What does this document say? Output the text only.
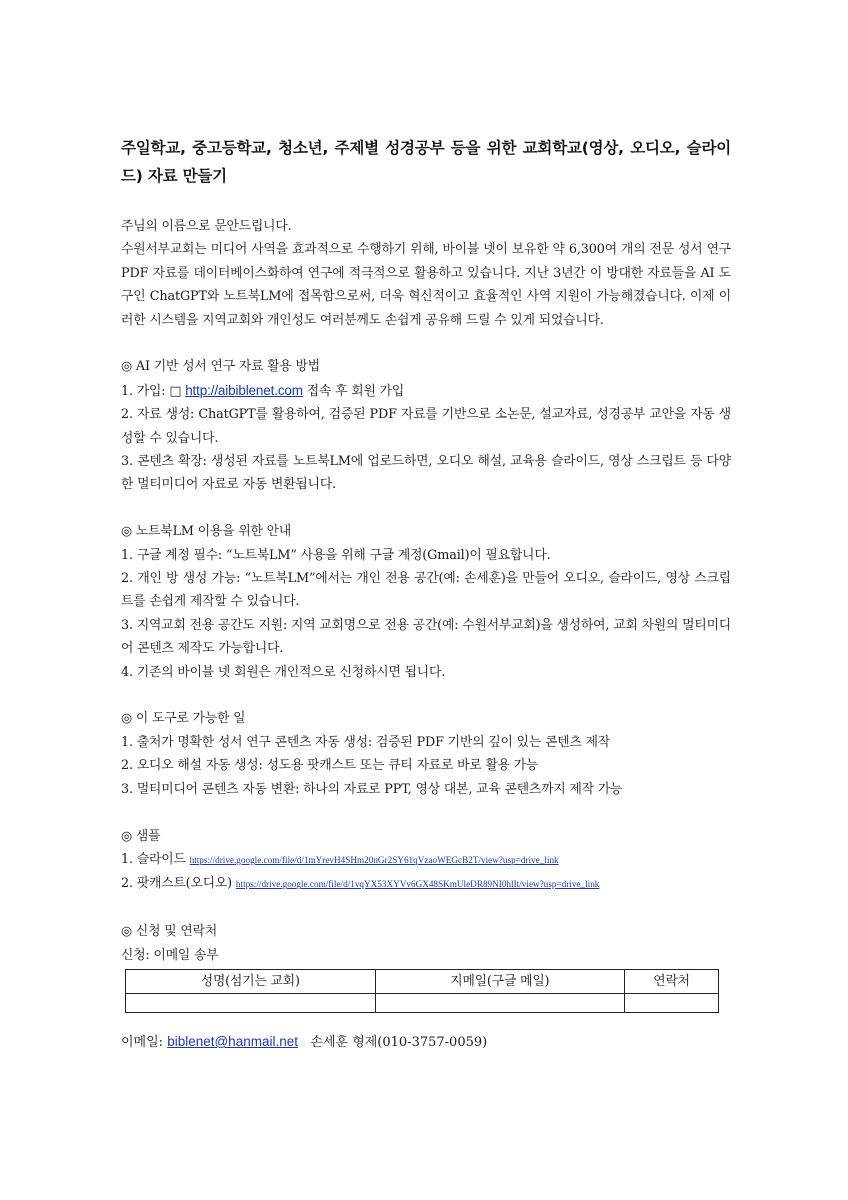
주일학교, 중고등학교, 청소년, 주제별 성경공부 등을 위한 교회학교(영상, 오디오, 슬라이드) 자료 만들기

주님의 이름으로 문안드립니다.

수원서부교회는 미디어 사역을 효과적으로 수행하기 위해, 바이블 넷이 보유한 약 6,300여 개의 전문 성서 연구 PDF 자료를 데이터베이스화하여 연구에 적극적으로 활용하고 있습니다. 지난 3년간 이 방대한 자료들을 AI 도구인 ChatGPT와 노트북LM에 접목함으로써, 더욱 혁신적이고 효율적인 사역 지원이 가능해졌습니다. 이제 이러한 시스템을 지역교회와 개인성도 여러분께도 손쉽게 공유해 드릴 수 있게 되었습니다.

◎ AI 기반 성서 연구 자료 활용 방법

1. 가입: □ http://aibiblenet.com 접속 후 회원 가입

2. 자료 생성: ChatGPT를 활용하여, 검증된 PDF 자료를 기반으로 소논문, 설교자료, 성경공부 교안을 자동 생성할 수 있습니다.

3. 콘텐츠 확장: 생성된 자료를 노트북LM에 업로드하면, 오디오 해설, 교육용 슬라이드, 영상 스크립트 등 다양한 멀티미디어 자료로 자동 변환됩니다.

◎ 노트북LM 이용을 위한 안내

1. 구글 계정 필수: “노트북LM” 사용을 위해 구글 계정(Gmail)이 필요합니다.

2. 개인 방 생성 가능: “노트북LM”에서는 개인 전용 공간(예: 손세훈)을 만들어 오디오, 슬라이드, 영상 스크립트를 손쉽게 제작할 수 있습니다.

3. 지역교회 전용 공간도 지원: 지역 교회명으로 전용 공간(예: 수원서부교회)을 생성하여, 교회 차원의 멀티미디어 콘텐츠 제작도 가능합니다.

4. 기존의 바이블 넷 회원은 개인적으로 신청하시면 됩니다.

◎ 이 도구로 가능한 일

1. 출처가 명확한 성서 연구 콘텐츠 자동 생성: 검증된 PDF 기반의 깊이 있는 콘텐츠 제작

2. 오디오 해설 자동 생성: 성도용 팟캐스트 또는 큐티 자료로 바로 활용 가능

3. 멀티미디어 콘텐츠 자동 변환: 하나의 자료로 PPT, 영상 대본, 교육 콘텐츠까지 제작 가능

◎ 샘플

1. 슬라이드 https://drive.google.com/file/d/1mYrevH4SHm20nGr2SY61qVzaoWEGcB2T/view?usp=drive_link

2. 팟캐스트(오디오) https://drive.google.com/file/d/1vqYX53XYVv6GX48SKmUleDR89NI0hlIt/view?usp=drive_link

◎ 신청 및 연락처

신청: 이메일 송부

성명(섬기는 교회)	지메일(구글 메일)	연락처

이메일: biblenet@hanmail.net   손세훈 형제(010-3757-0059)
